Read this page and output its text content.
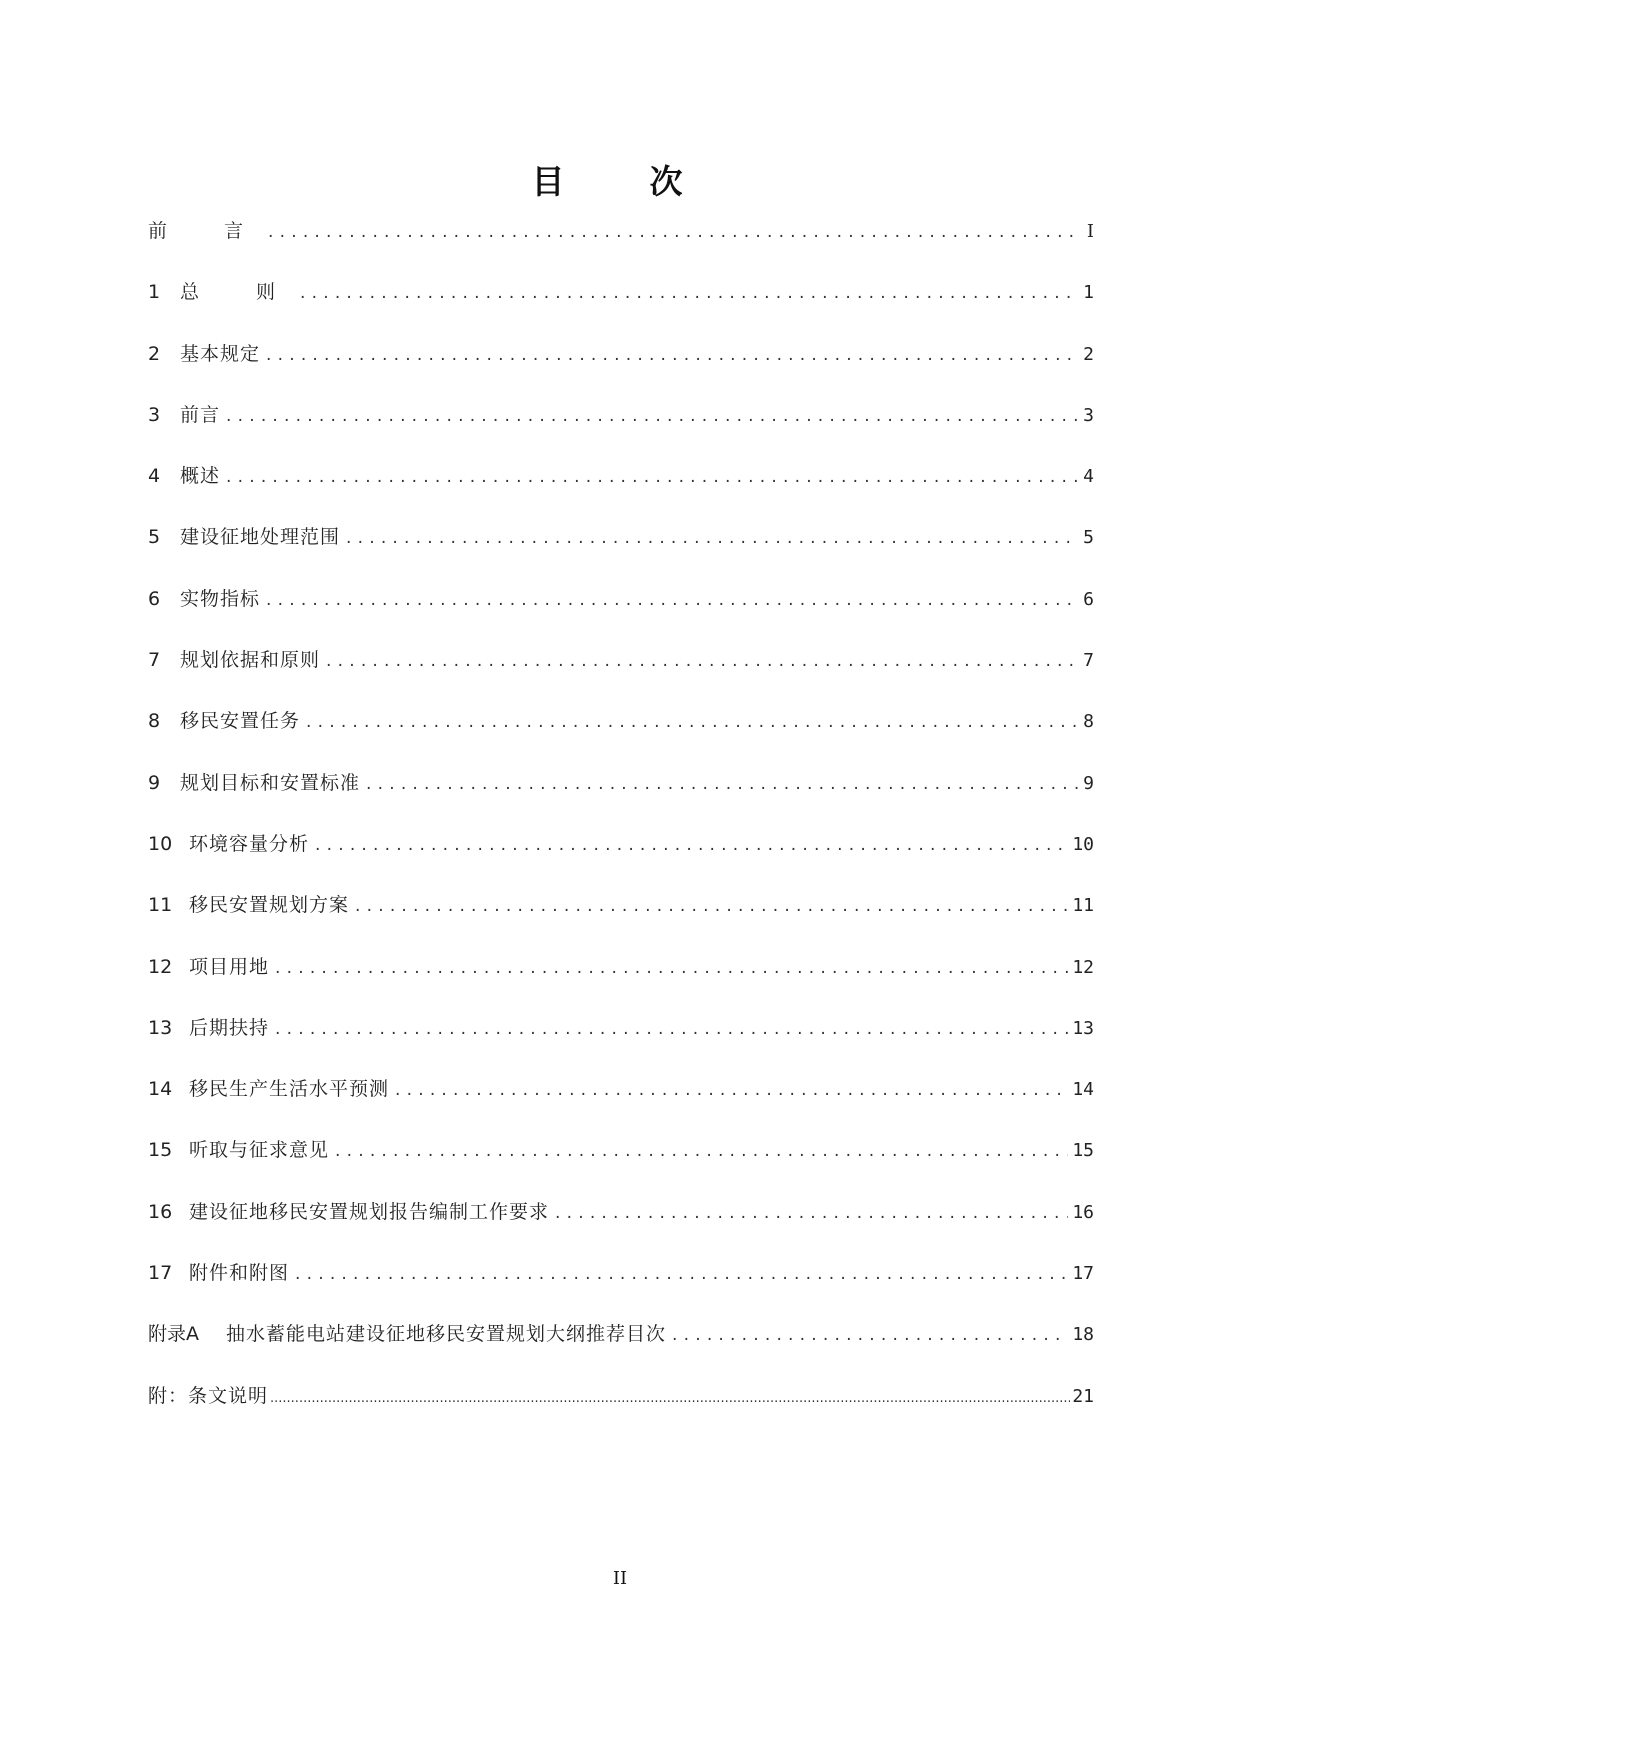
目　次
前　言 .....	I
1	总　则 .....	1
2	基本规定 .....	2
3	前言 .....	3
4	概述 .....	4
5	建设征地处理范围 .....	5
6	实物指标 .....	6
7	规划依据和原则 .....	7
8	移民安置任务 .....	8
9	规划目标和安置标准 .....	9
10 环境容量分析 .....	10
11 移民安置规划方案 .....	11
12 项目用地 .....	12
13 后期扶持 .....	13
14 移民生产生活水平预测 .....	14
15 听取与征求意见 .....	15
16 建设征地移民安置规划报告编制工作要求 .....	16
17 附件和附图 .....	17
附录A	抽水蓄能电站建设征地移民安置规划大纲推荐目次 .....	18
附：条文说明 .....	21
II
